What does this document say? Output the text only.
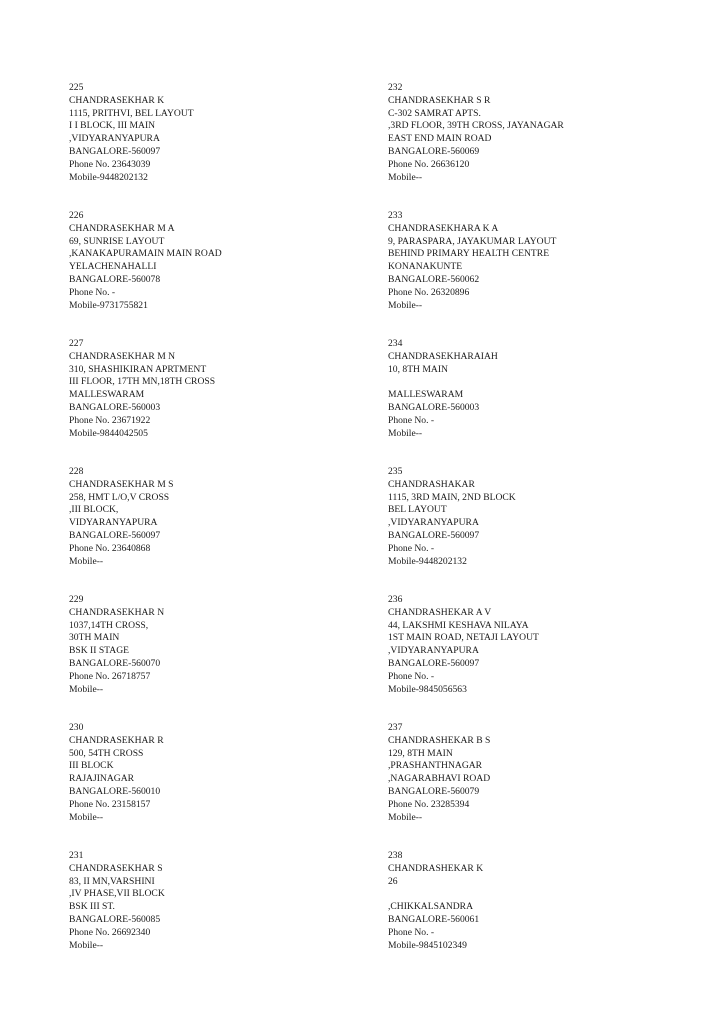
225
CHANDRASEKHAR K
1115, PRITHVI, BEL LAYOUT
I I BLOCK, III MAIN
,VIDYARANYAPURA
BANGALORE-560097
Phone No. 23643039
Mobile-9448202132
226
CHANDRASEKHAR M A
69, SUNRISE LAYOUT
,KANAKAPURAMAIN MAIN ROAD
YELACHENAHALLI
BANGALORE-560078
Phone No. -
Mobile-9731755821
227
CHANDRASEKHAR M N
310, SHASHIKIRAN APRTMENT
III FLOOR, 17TH MN,18TH CROSS
MALLESWARAM
BANGALORE-560003
Phone No. 23671922
Mobile-9844042505
228
CHANDRASEKHAR M S
258, HMT L/O,V CROSS
,III BLOCK,
VIDYARANYAPURA
BANGALORE-560097
Phone No. 23640868
Mobile--
229
CHANDRASEKHAR N
1037,14TH CROSS,
30TH MAIN
BSK II STAGE
BANGALORE-560070
Phone No. 26718757
Mobile--
230
CHANDRASEKHAR R
500, 54TH CROSS
III BLOCK
RAJAJINAGAR
BANGALORE-560010
Phone No. 23158157
Mobile--
231
CHANDRASEKHAR S
83, II MN,VARSHINI
,IV PHASE,VII BLOCK
BSK III ST.
BANGALORE-560085
Phone No. 26692340
Mobile--
232
CHANDRASEKHAR S R
C-302 SAMRAT APTS.
,3RD FLOOR, 39TH CROSS, JAYANAGAR
EAST END MAIN ROAD
BANGALORE-560069
Phone No. 26636120
Mobile--
233
CHANDRASEKHARA K A
9, PARASPARA, JAYAKUMAR LAYOUT
BEHIND PRIMARY HEALTH CENTRE
KONANAKUNTE
BANGALORE-560062
Phone No. 26320896
Mobile--
234
CHANDRASEKHARAIAH
10, 8TH MAIN
MALLESWARAM
BANGALORE-560003
Phone No. -
Mobile--
235
CHANDRASHAKAR
1115, 3RD MAIN, 2ND BLOCK
BEL LAYOUT
,VIDYARANYAPURA
BANGALORE-560097
Phone No. -
Mobile-9448202132
236
CHANDRASHEKAR A V
44, LAKSHMI KESHAVA NILAYA
1ST MAIN ROAD, NETAJI LAYOUT
,VIDYARANYAPURA
BANGALORE-560097
Phone No. -
Mobile-9845056563
237
CHANDRASHEKAR B S
129, 8TH MAIN
,PRASHANTHNAGAR
,NAGARABHAVI ROAD
BANGALORE-560079
Phone No. 23285394
Mobile--
238
CHANDRASHEKAR K
26
,CHIKKALSANDRA
BANGALORE-560061
Phone No. -
Mobile-9845102349
